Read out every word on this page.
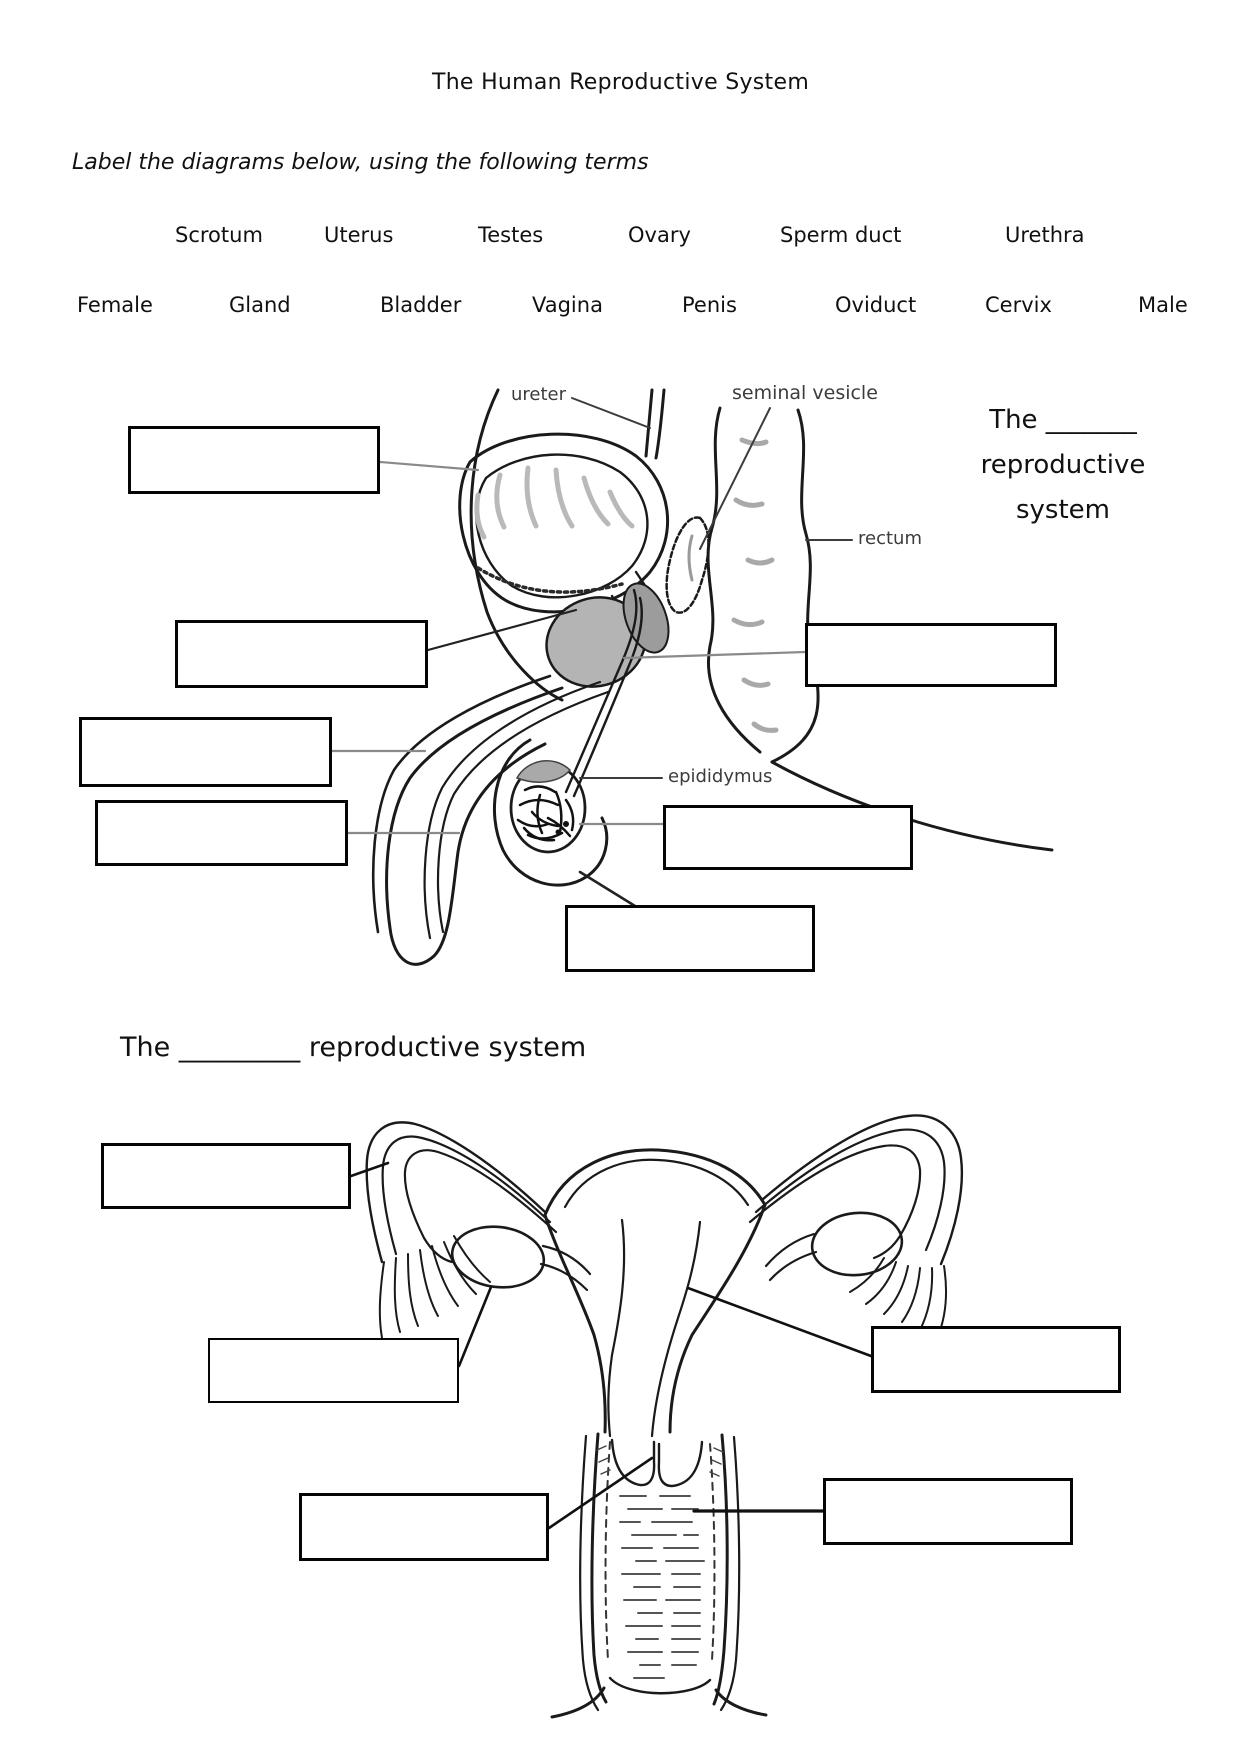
The Human Reproductive System
Label the diagrams below, using the following terms
Scrotum	Uterus	Testes	Ovary	Sperm duct	Urethra
Female	Gland	Bladder	Vagina	Penis	Oviduct	Cervix	Male
The _______
reproductive
system
The _________ reproductive system
ureter	seminal vesicle
rectum
epididymus
